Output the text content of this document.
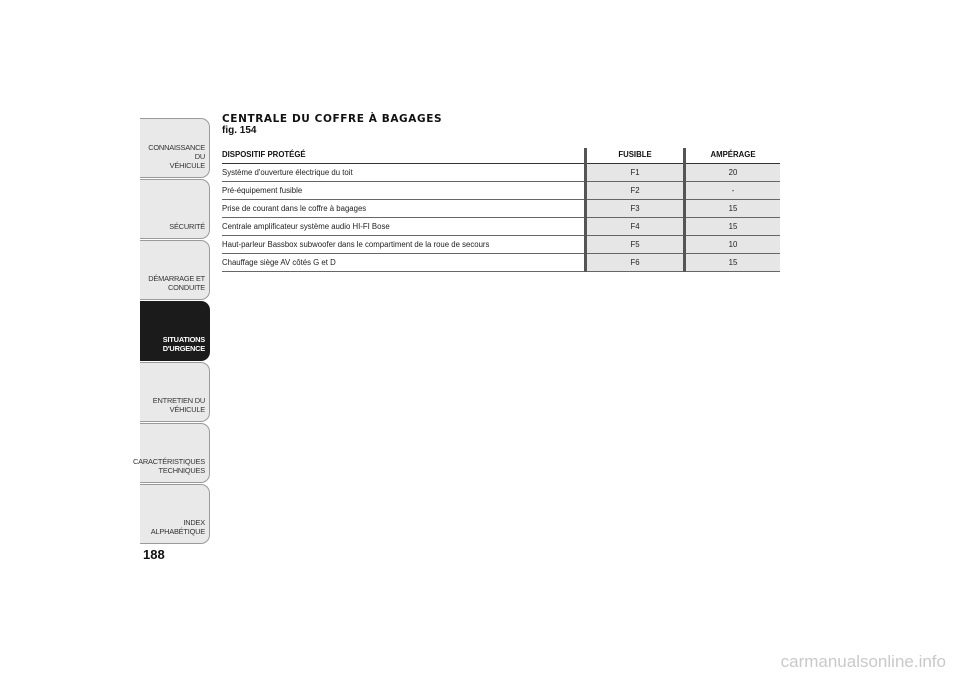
CONNAISSANCE DU
VÉHICULE
SÉCURITÉ
DÉMARRAGE ET
CONDUITE
SITUATIONS
D'URGENCE
ENTRETIEN DU
VÉHICULE
CARACTÉRISTIQUES
TECHNIQUES
INDEX
ALPHABÉTIQUE
188
CENTRALE DU COFFRE À BAGAGES

fig. 154

DISPOSITIF PROTÉGÉ	FUSIBLE	AMPÉRAGE
Système d'ouverture électrique du toit	F1	20
Pré-équipement fusible	F2	-
Prise de courant dans le coffre à bagages	F3	15
Centrale amplificateur système audio HI-FI Bose	F4	15
Haut-parleur Bassbox subwoofer dans le compartiment de la roue de secours	F5	10
Chauffage siège AV côtés G et D	F6	15
carmanualsonline.info
